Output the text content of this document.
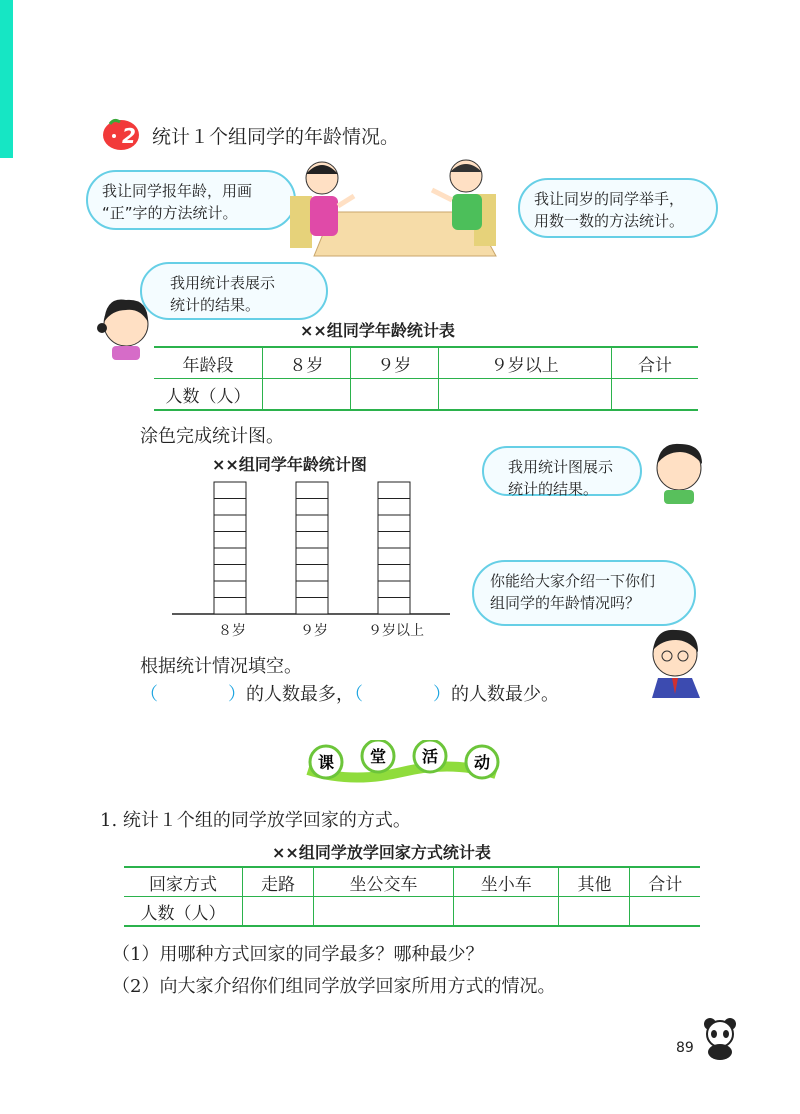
2 统计１个组同学的年龄情况。
我让同学报年龄，用画
“正”字的方法统计。
我让同岁的同学举手，
用数一数的方法统计。
我用统计表展示
统计的结果。
××组同学年龄统计表
年龄段	８岁	９岁	９岁以上	合计
人数（人）				
涂色完成统计图。
××组同学年龄统计图
８岁	９岁	９岁以上
我用统计图展示
统计的结果。
你能给大家介绍一下你们
组同学的年龄情况吗？
根据统计情况填空。
（	）的人数最多，（	）的人数最少。
课 堂 活 动
1. 统计１个组的同学放学回家的方式。
××组同学放学回家方式统计表
回家方式	走路	坐公交车	坐小车	其他	合计
人数（人）					
（1）用哪种方式回家的同学最多？哪种最少？
（2）向大家介绍你们组同学放学回家所用方式的情况。
89
